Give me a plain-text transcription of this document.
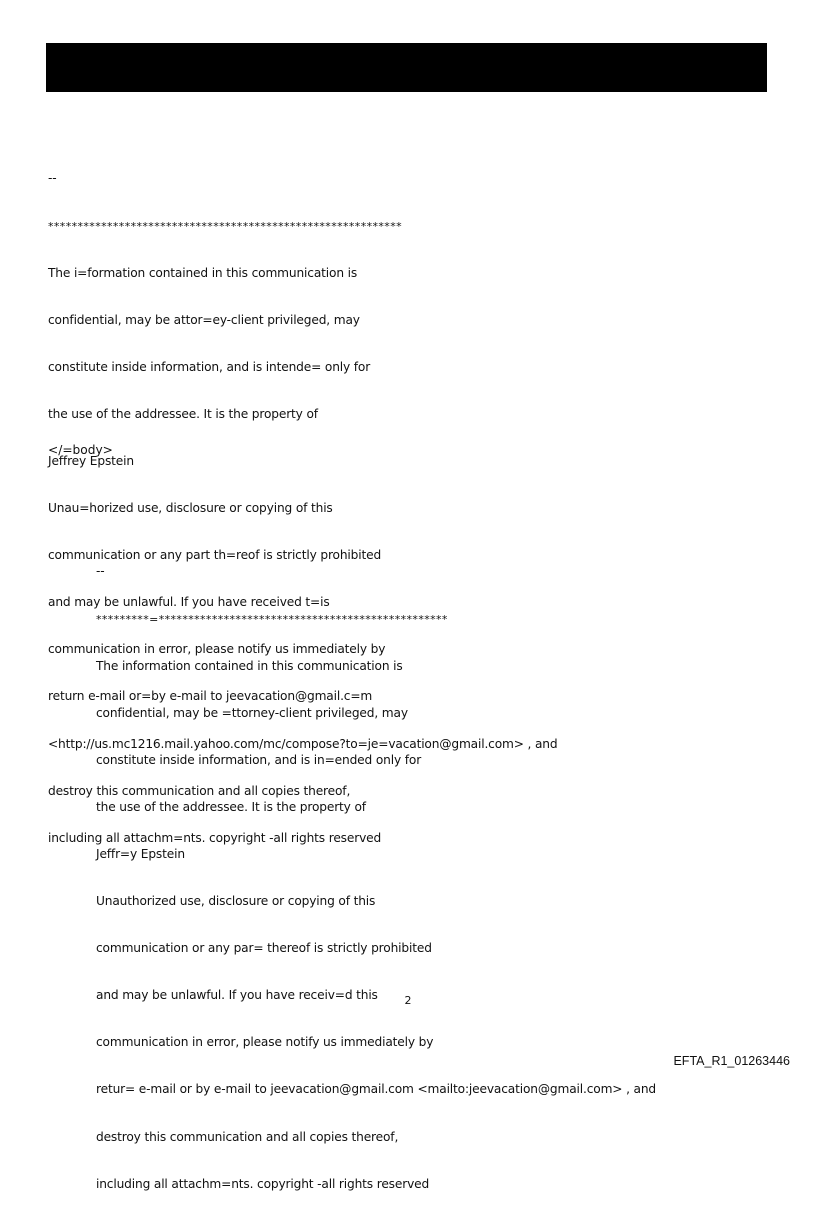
--

************************************************************

The i=formation contained in this communication is

confidential, may be attor=ey-client privileged, may

constitute inside information, and is intende= only for

the use of the addressee. It is the property of

Jeffrey Epstein

Unau=horized use, disclosure or copying of this

communication or any part th=reof is strictly prohibited

and may be unlawful. If you have received t=is

communication in error, please notify us immediately by

return e-mail or=by e-mail to jeevacation@gmail.c=m

<http://us.mc1216.mail.yahoo.com/mc/compose?to=je=vacation@gmail.com> , and

destroy this communication and all copies thereof,

including all attachm=nts. copyright -all rights reserved

</=body>

--

*********=*************************************************

The information contained in this communication is

confidential, may be =ttorney-client privileged, may

constitute inside information, and is in=ended only for

the use of the addressee. It is the property of

Jeffr=y Epstein

Unauthorized use, disclosure or copying of this

communication or any par= thereof is strictly prohibited

and may be unlawful. If you have receiv=d this

communication in error, please notify us immediately by

retur= e-mail or by e-mail to jeevacation@gmail.com <mailto:jeevacation@gmail.com> , and

destroy this communication and all copies thereof,

including all attachm=nts. copyright -all rights reserved

2
EFTA_R1_01263446
